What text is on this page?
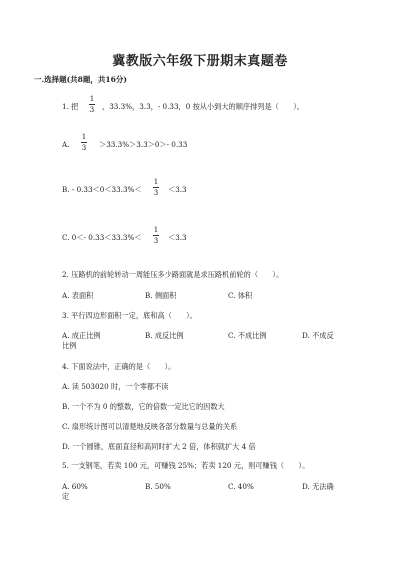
冀教版六年级下册期末真题卷
一.选择题(共8题，共16分)
1. 把
1
3 ，33.3%，3.3，- 0.33，0 按从小到大的顺序排列是（　　）。
A.
1
3 ＞33.3%＞3.3＞0＞- 0.33
B. - 0.33＜0＜33.3%＜
1
3 ＜3.3
C. 0＜- 0.33＜33.3%＜
1
3 ＜3.3
2. 压路机的前轮转动一周能压多少路面就是求压路机前轮的（　　）。
A. 表面积	B. 侧面积	C. 体积
3. 平行四边形面积一定，底和高（　　）。
A. 成正比例	B. 成反比例	C. 不成比例	D. 不成反
比例
4. 下面说法中，正确的是（　　）。
A. 读 503020 时，一个零都不读
B. 一个不为 0 的整数，它的倍数一定比它的因数大
C. 扇形统计图可以清楚地反映各部分数量与总量的关系
D. 一个圆锥，底面直径和高同时扩大 2 倍，体积就扩大 4 倍
5. 一支钢笔，若卖 100 元，可赚钱 25%；若卖 120 元，则可赚钱（　　）。
A. 60%	B. 50%	C. 40%	D. 无法确
定
